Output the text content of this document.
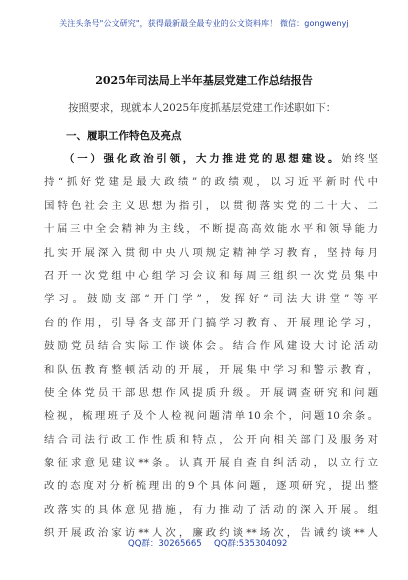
关注头条号"公文研究"，获得最新最全最专业的公文资料库！ 微信：gongwenyj
2025年司法局上半年基层党建工作总结报告
按照要求，现就本人2025年度抓基层党建工作述职如下：
一、履职工作特色及亮点
（一）强化政治引领，大力推进党的思想建设。始终坚
持“抓好党建是最大政绩”的政绩观，以习近平新时代中
国特色社会主义思想为指引，以贯彻落实党的二十大、二
十届三中全会精神为主线，不断提高高效能水平和领导能力
扎实开展深入贯彻中央八项规定精神学习教育，坚持每月
召开一次党组中心组学习会议和每周三组织一次党员集中
学习。鼓励支部“开门学”，发挥好“司法大讲堂”等平
台的作用，引导各支部开门搞学习教育、开展理论学习，
鼓励党员结合实际工作谈体会。结合作风建设大讨论活动
和队伍教育整顿活动的开展，开展集中学习和警示教育，
使全体党员干部思想作风提质升级。开展调查研究和问题
检视，梳理班子及个人检视问题清单10余个，问题10余条。
结合司法行政工作性质和特点，公开向相关部门及服务对
象征求意见建议**条。认真开展自查自纠活动，以立行立
改的态度对分析梳理出的9个具体问题，逐项研究，提出整
改落实的具体意见措施，有力推动了活动的深入开展。组
织开展政治家访**人次，廉政约谈**场次，告诫约谈**人
QQ群：30265665 QQ群:535304092
